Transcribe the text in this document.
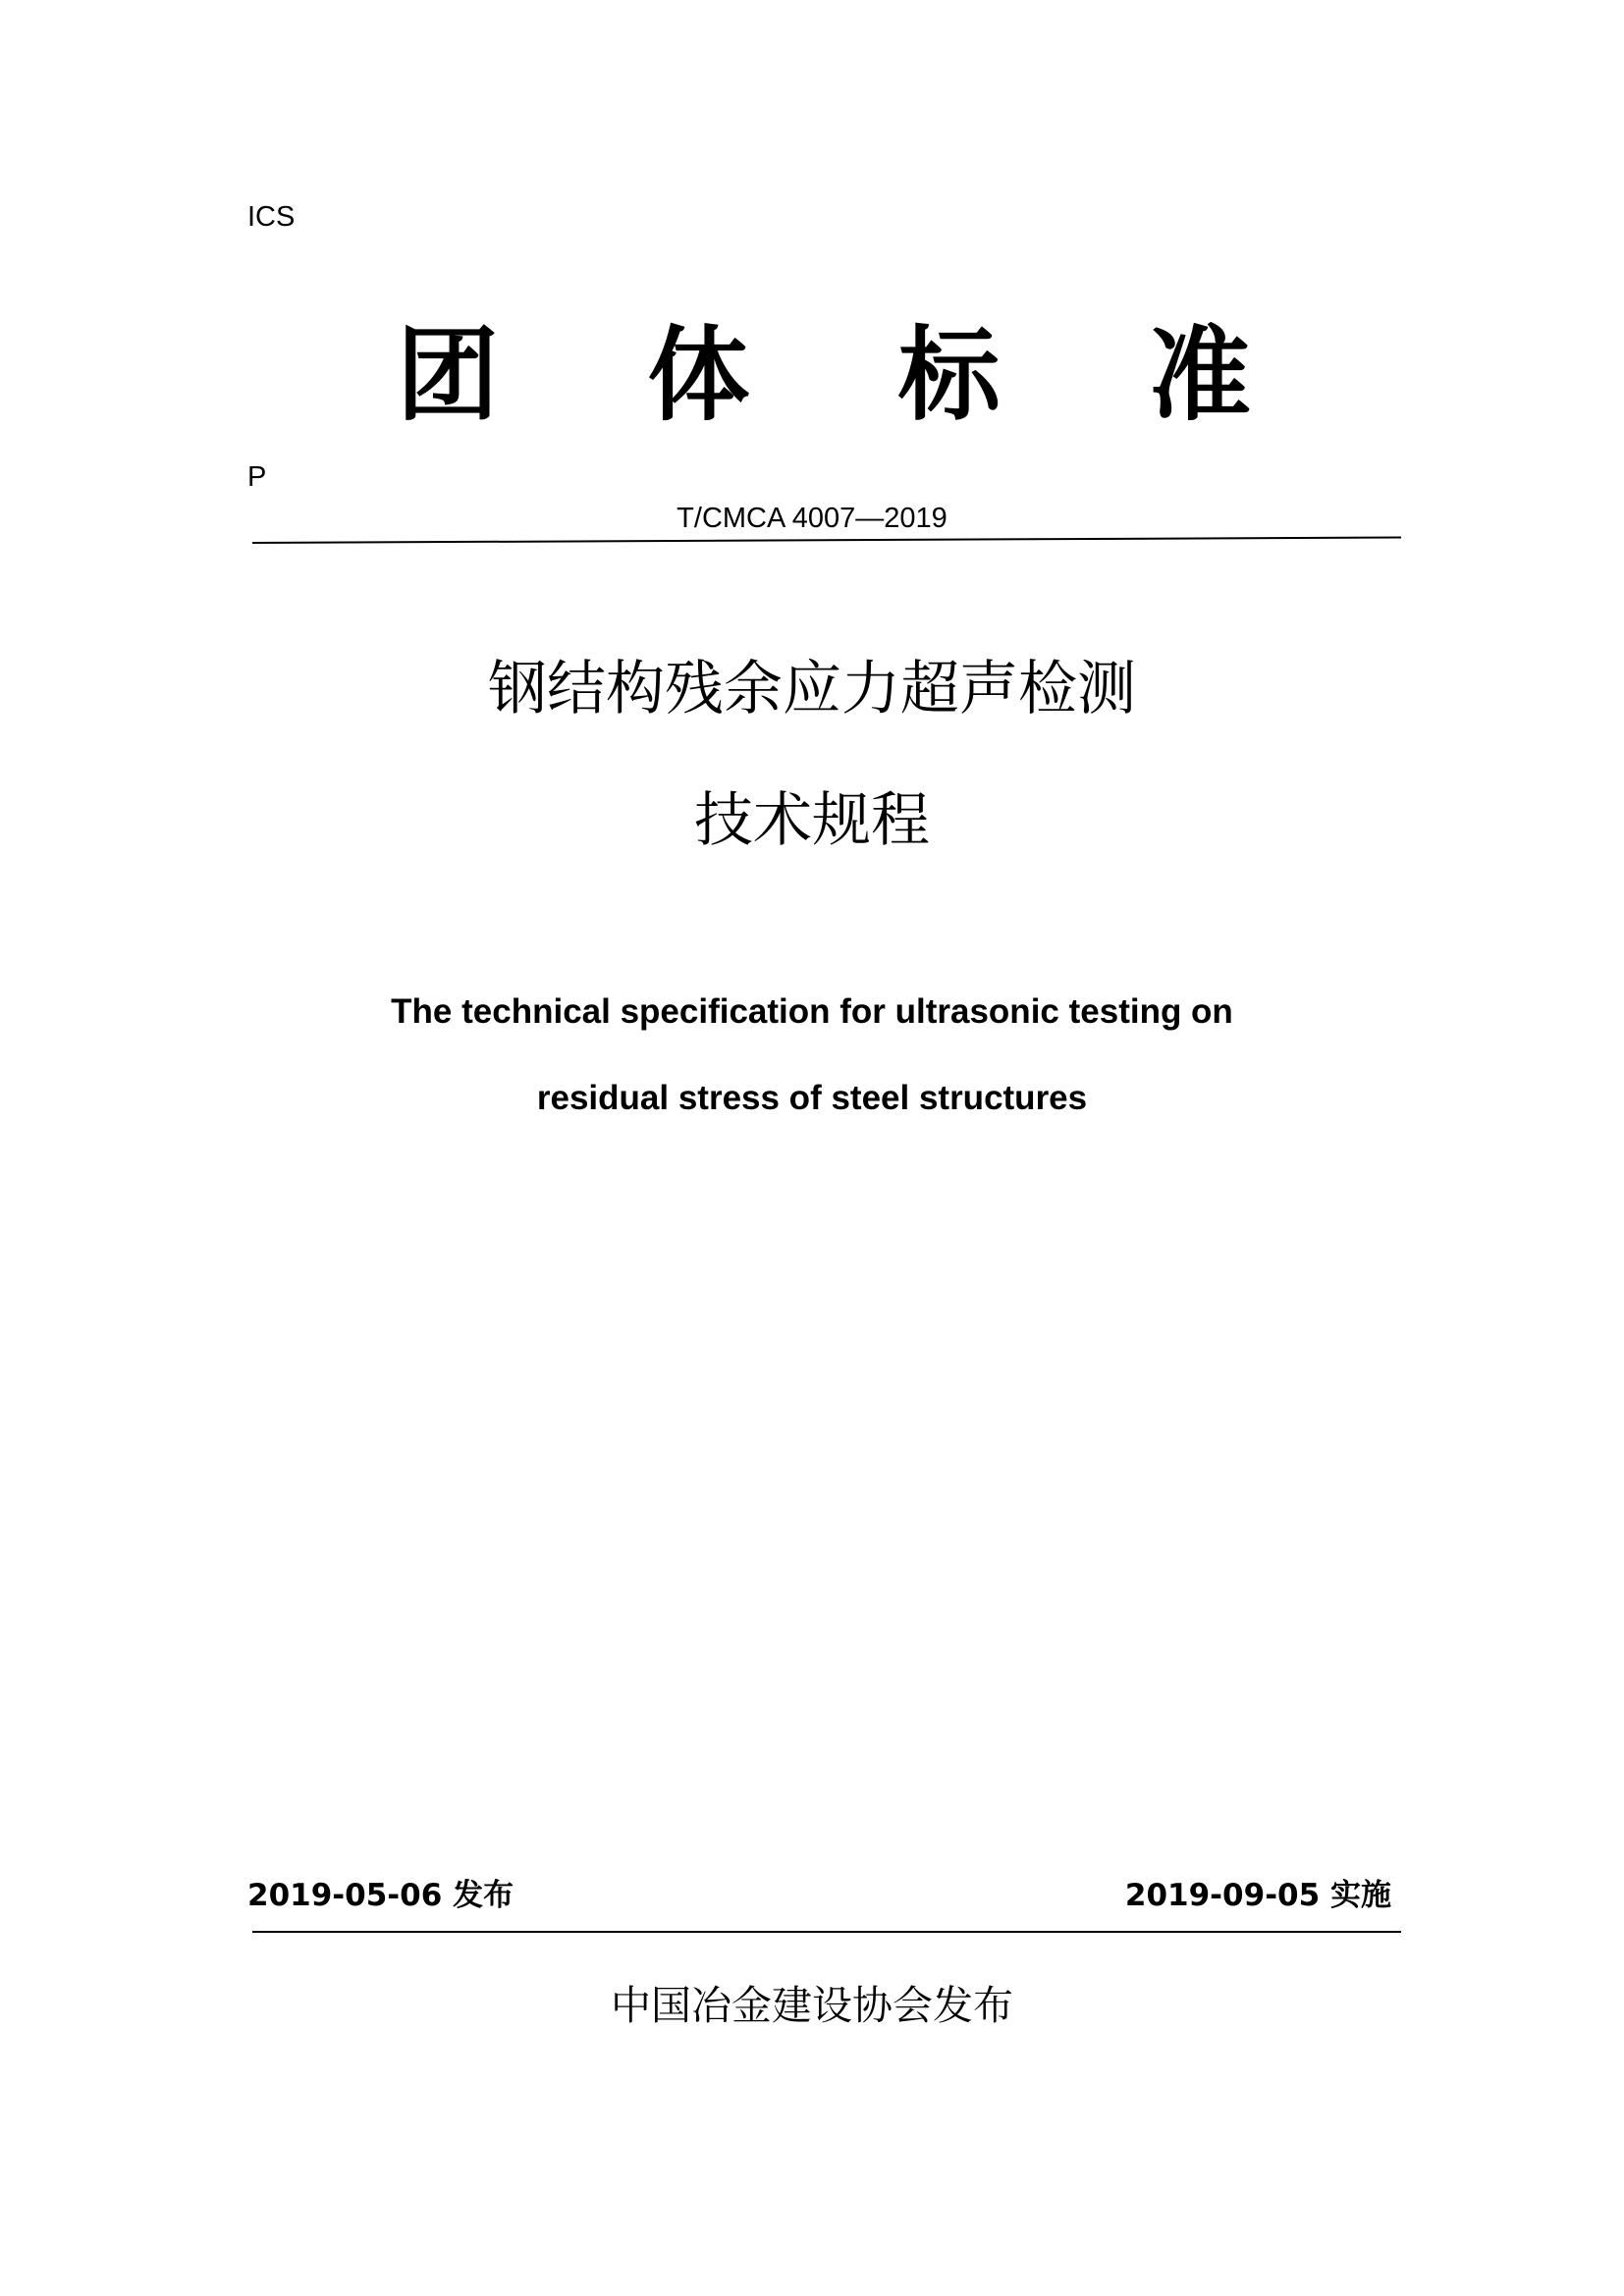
ICS
团 体 标 准
P
T/CMCA 4007—2019
钢结构残余应力超声检测
技术规程
The technical specification for ultrasonic testing on
residual stress of steel structures
2019-05-06 发布	2019-09-05 实施
中国冶金建设协会发布
